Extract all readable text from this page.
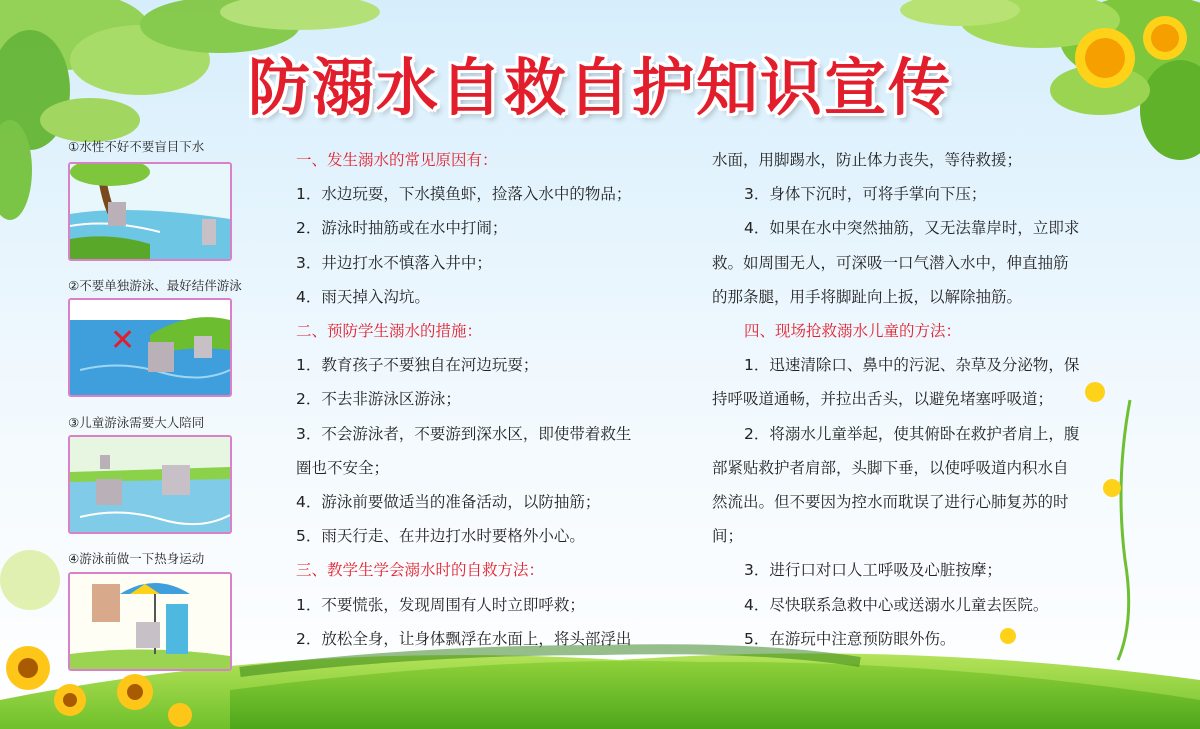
防溺水自救自护知识宣传
①水性不好不要盲目下水
②不要单独游泳、最好结伴游泳
✕
③儿童游泳需要大人陪同
④游泳前做一下热身运动
一、发生溺水的常见原因有：
1．水边玩耍，下水摸鱼虾，捡落入水中的物品；
2．游泳时抽筋或在水中打闹；
3．井边打水不慎落入井中；
4．雨天掉入沟坑。
二、预防学生溺水的措施：
1．教育孩子不要独自在河边玩耍；
2．不去非游泳区游泳；
3．不会游泳者，不要游到深水区，即使带着救生
圈也不安全；
4．游泳前要做适当的准备活动，以防抽筋；
5．雨天行走、在井边打水时要格外小心。
三、教学生学会溺水时的自救方法：
1．不要慌张，发现周围有人时立即呼救；
2．放松全身，让身体飘浮在水面上，将头部浮出
水面，用脚踢水，防止体力丧失，等待救援；
3．身体下沉时，可将手掌向下压；
4．如果在水中突然抽筋，又无法靠岸时，立即求
救。如周围无人，可深吸一口气潜入水中，伸直抽筋
的那条腿，用手将脚趾向上扳，以解除抽筋。
四、现场抢救溺水儿童的方法：
1．迅速清除口、鼻中的污泥、杂草及分泌物，保
持呼吸道通畅，并拉出舌头，以避免堵塞呼吸道；
2．将溺水儿童举起，使其俯卧在救护者肩上，腹
部紧贴救护者肩部，头脚下垂，以使呼吸道内积水自
然流出。但不要因为控水而耽误了进行心肺复苏的时
间；
3．进行口对口人工呼吸及心脏按摩；
4．尽快联系急救中心或送溺水儿童去医院。
5．在游玩中注意预防眼外伤。
